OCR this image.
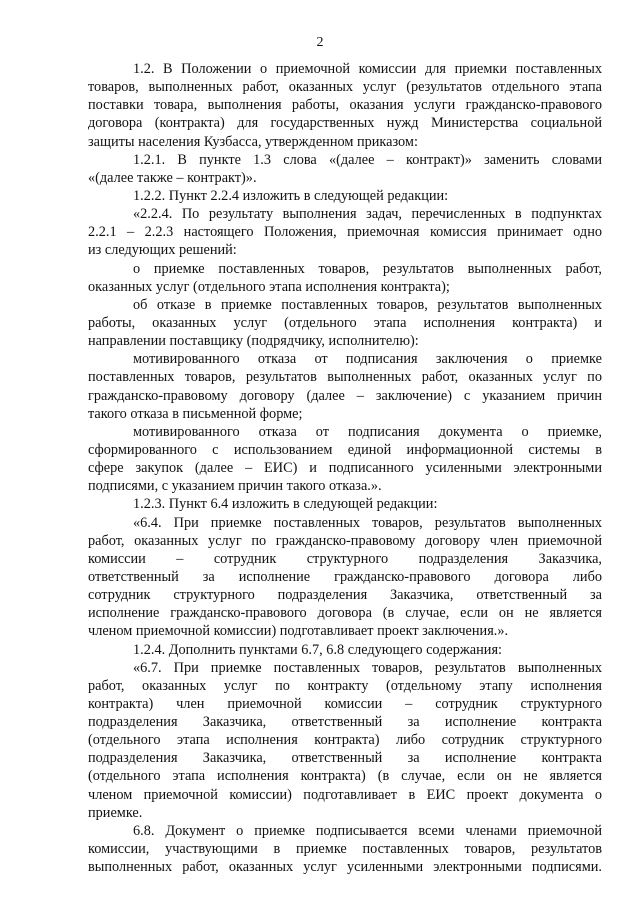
2
1.2. В Положении о приемочной комиссии для приемки поставленных
товаров, выполненных работ, оказанных услуг (результатов отдельного этапа
поставки товара, выполнения работы, оказания услуги гражданско-правового
договора (контракта) для государственных нужд Министерства социальной
защиты населения Кузбасса, утвержденном приказом:
1.2.1. В пункте 1.3 слова «(далее – контракт)» заменить словами
«(далее также – контракт)».
1.2.2. Пункт 2.2.4 изложить в следующей редакции:
«2.2.4. По результату выполнения задач, перечисленных в подпунктах
2.2.1 – 2.2.3 настоящего Положения, приемочная комиссия принимает одно
из следующих решений:
о приемке поставленных товаров, результатов выполненных работ,
оказанных услуг (отдельного этапа исполнения контракта);
об отказе в приемке поставленных товаров, результатов выполненных
работы, оказанных услуг (отдельного этапа исполнения контракта) и
направлении поставщику (подрядчику, исполнителю):
мотивированного отказа от подписания заключения о приемке
поставленных товаров, результатов выполненных работ, оказанных услуг по
гражданско-правовому договору (далее – заключение) с указанием причин
такого отказа в письменной форме;
мотивированного отказа от подписания документа о приемке,
сформированного с использованием единой информационной системы в
сфере закупок (далее – ЕИС) и подписанного усиленными электронными
подписями, с указанием причин такого отказа.».
1.2.3. Пункт 6.4 изложить в следующей редакции:
«6.4. При приемке поставленных товаров, результатов выполненных
работ, оказанных услуг по гражданско-правовому договору член приемочной
комиссии – сотрудник структурного подразделения Заказчика,
ответственный за исполнение гражданско-правового договора либо
сотрудник структурного подразделения Заказчика, ответственный за
исполнение гражданско-правового договора (в случае, если он не является
членом приемочной комиссии) подготавливает проект заключения.».
1.2.4. Дополнить пунктами 6.7, 6.8 следующего содержания:
«6.7. При приемке поставленных товаров, результатов выполненных
работ, оказанных услуг по контракту (отдельному этапу исполнения
контракта) член приемочной комиссии – сотрудник структурного
подразделения Заказчика, ответственный за исполнение контракта
(отдельного этапа исполнения контракта) либо сотрудник структурного
подразделения Заказчика, ответственный за исполнение контракта
(отдельного этапа исполнения контракта) (в случае, если он не является
членом приемочной комиссии) подготавливает в ЕИС проект документа о
приемке.
6.8. Документ о приемке подписывается всеми членами приемочной
комиссии, участвующими в приемке поставленных товаров, результатов
выполненных работ, оказанных услуг усиленными электронными подписями.
